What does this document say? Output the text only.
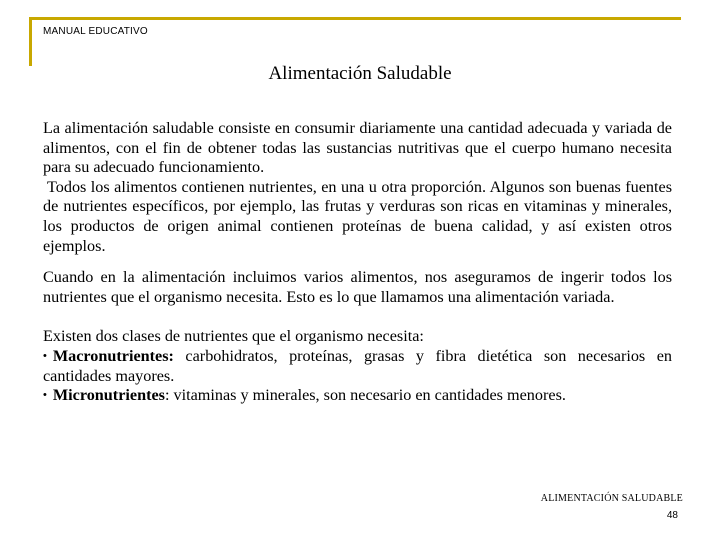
MANUAL EDUCATIVO
Alimentación Saludable

La alimentación saludable consiste en consumir diariamente una cantidad adecuada y variada de alimentos, con el fin de obtener todas las sustancias nutritivas que el cuerpo humano necesita para su adecuado funcionamiento.

Todos los alimentos contienen nutrientes, en una u otra proporción. Algunos son buenas fuentes de nutrientes específicos, por ejemplo, las frutas y verduras son ricas en vitaminas y minerales, los productos de origen animal contienen proteínas de buena calidad, y así existen otros ejemplos.

Cuando en la alimentación incluimos varios alimentos, nos aseguramos de ingerir todos los nutrientes que el organismo necesita. Esto es lo que llamamos una alimentación variada.

Existen dos clases de nutrientes que el organismo necesita:

• Macronutrientes: carbohidratos, proteínas, grasas y fibra dietética son necesarios en cantidades mayores.

• Micronutrientes: vitaminas y minerales, son necesario en cantidades menores.

ALIMENTACIÓN SALUDABLE
48
